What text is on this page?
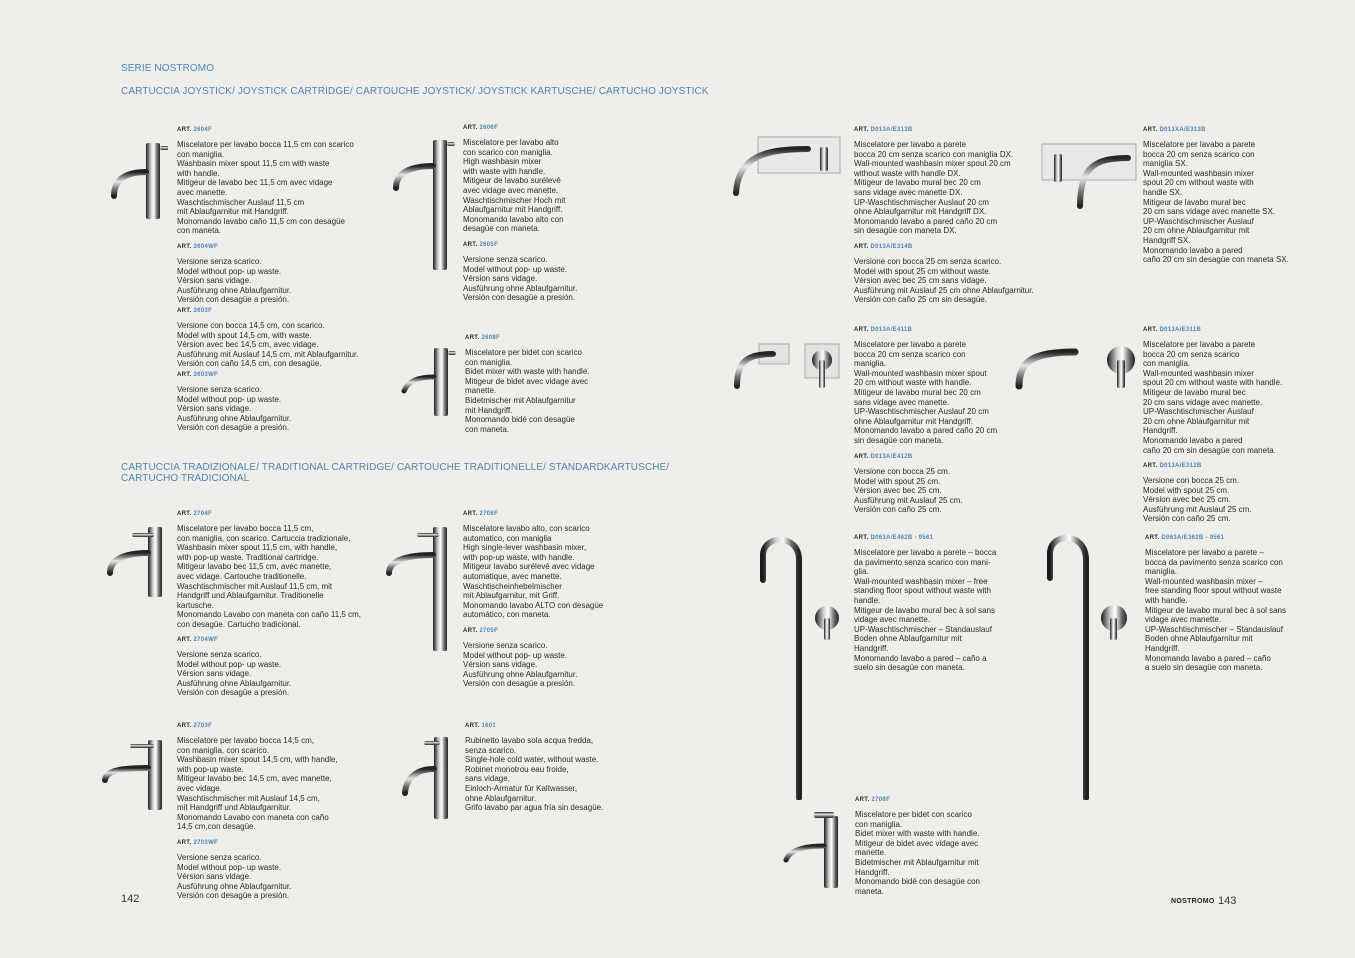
SERIE NOSTROMO
CARTUCCIA JOYSTICK/ JOYSTICK CARTRIDGE/ CARTOUCHE JOYSTICK/ JOYSTICK KARTUSCHE/ CARTUCHO JOYSTICK
CARTUCCIA TRADIZIONALE/ TRADITIONAL CARTRIDGE/ CARTOUCHE TRADITIONELLE/ STANDARDKARTUSCHE/
CARTUCHO TRADICIONAL
ART. 2604F
Miscelatore per lavabo bocca 11,5 cm con scarico
con maniglia.
Washbasin mixer spout 11,5 cm with waste
with handle.
Mitigeur de lavabo bec 11,5 cm avec vidage
avec manette.
Waschtischmischer Auslauf 11,5 cm
mit Ablaufgarnitur mit Handgriff.
Monomando lavabo caño 11,5 cm con desagüe
con maneta.
ART. 2604WF
Versione senza scarico.
Model without pop- up waste.
Vérsion sans vidage.
Ausführung ohne Ablaufgarnitur.
Versión con desagüe a presión.
ART. 2603F
Versione con bocca 14,5 cm, con scarico.
Model with spout 14,5 cm, with waste.
Vérsion avec bec 14,5 cm, avec vidage.
Ausführung mit Auslauf 14,5 cm, mit Ablaufgarnitur.
Versión con caño 14,5 cm, con desagüe.
ART. 2603WF
Versione senza scarico.
Model without pop- up waste.
Vérsion sans vidage.
Ausführung ohne Ablaufgarnitur.
Versión con desagüe a presión.
ART. 2606F
Miscelatore per lavabo alto
con scarico con maniglia.
High washbasin mixer
with waste with handle.
Mitigeur de lavabo surélevé
avec vidage avec manette.
Waschtischmischer Hoch mit
Ablaufgarnitur mit Handgriff.
Monomando lavabo alto con
desagüe con maneta.
ART. 2605F
Versione senza scarico.
Model without pop- up waste.
Vérsion sans vidage.
Ausführung ohne Ablaufgarnitur.
Versión con desagüe a presión.
ART. 2608F
Miscelatore per bidet con scarico
con maniglia.
Bidet mixer with waste with handle.
Mitigeur de bidet avec vidage avec
manette.
Bidetmischer mit Ablaufgarnitur
mit Handgriff.
Monomando bidé con desagüe
con maneta.
ART. 2704F
Miscelatore per lavabo bocca 11,5 cm,
con maniglia, con scarico. Cartuccia tradizionale.
Washbasin mixer spout 11,5 cm, with handle,
with pop-up waste. Traditional cartridge.
Mitigeur lavabo bec 11,5 cm, avec manette,
avec vidage. Cartouche traditionelle.
Waschtischmischer mit Auslauf 11,5 cm, mit
Handgriff und Ablaufgarnitur. Traditionelle
kartusche.
Monomando Lavabo con maneta con caño 11,5 cm,
con desagüe. Cartucho tradicional.
ART. 2704WF
Versione senza scarico.
Model without pop- up waste.
Vérsion sans vidage.
Ausführung ohne Ablaufgarnitur.
Versión con desagüe a presión.
ART. 2706F
Miscelatore lavabo alto, con scarico
automatico, con maniglia
High single-lever washbasin mixer,
with pop-up waste, with handle.
Mitigeur lavabo surélevé avec vidage
automatique, avec manette.
Waschtischeinhebelmischer
mit Ablaufgarnitur, mit Griff.
Monomando lavabo ALTO con desagüe
automático, con maneta.
ART. 2705F
Versione senza scarico.
Model without pop- up waste.
Vérsion sans vidage.
Ausführung ohne Ablaufgarnitur.
Versión con desagüe a presión.
ART. 2703F
Miscelatore per lavabo bocca 14,5 cm,
con maniglia, con scarico.
Washbasin mixer spout 14,5 cm, with handle,
with pop-up waste.
Mitigeur lavabo bec 14,5 cm, avec manette,
avec vidage.
Waschtischmischer mit Auslauf 14,5 cm,
mit Handgriff und Ablaufgarnitur.
Monomando Lavabo con maneta con caño
14,5 cm,con desagüe.
ART. 2703WF
Versione senza scarico.
Model without pop- up waste.
Vérsion sans vidage.
Ausführung ohne Ablaufgarnitur.
Versión con desagüe a presión.
ART. 1601
Rubinetto lavabo sola acqua fredda,
senza scarico.
Single-hole cold water, without waste.
Robinet monotrou eau froide,
sans vidage.
Einloch-Armatur für Kaltwasser,
ohne Ablaufgarnitur.
Grifo lavabo par agua fría sin desagüe.
ART. D013A/E313B
Miscelatore per lavabo a parete
bocca 20 cm senza scarico con maniglia DX.
Wall-mounted washbasin mixer spout 20 cm
without waste with handle DX.
Mitigeur de lavabo mural bec 20 cm
sans vidage avec manette DX.
UP-Waschtischmischer Auslauf 20 cm
ohne Ablaufgarnitur mit Handgriff DX.
Monomando lavabo a pared caño 20 cm
sin desagüe con maneta DX.
ART. D013A/E314B
Versione con bocca 25 cm senza scarico.
Model with spout 25 cm without waste.
Vérsion avec bec 25 cm sans vidage.
Ausführung mit Auslauf 25 cm ohne Ablaufgarnitur.
Versión con caño 25 cm sin desagüe.
ART. D013XA/E313B
Miscelatore per lavabo a parete
bocca 20 cm senza scarico con
maniglia SX.
Wall-mounted washbasin mixer
spout 20 cm without waste with
handle SX.
Mitigeur de lavabo mural bec
20 cm sans vidage avec manette SX.
UP-Waschtischmischer Auslauf
20 cm ohne Ablaufgarnitur mit
Handgriff SX.
Monomando lavabo a pared
caño 20 cm sin desagüe con maneta SX.
ART. D013A/E411B
Miscelatore per lavabo a parete
bocca 20 cm senza scarico con
maniglia.
Wall-mounted washbasin mixer spout
20 cm without waste with handle.
Mitigeur de lavabo mural bec 20 cm
sans vidage avec manette.
UP-Waschtischmischer Auslauf 20 cm
ohne Ablaufgarnitur mit Handgriff.
Monomando lavabo a pared caño 20 cm
sin desagüe con maneta.
ART. D013A/E412B
Versione con bocca 25 cm.
Model with spout 25 cm.
Vérsion avec bec 25 cm.
Ausführung mit Auslauf 25 cm.
Versión con caño 25 cm.
ART. D013A/E311B
Miscelatore per lavabo a parete
bocca 20 cm senza scarico
con maniglia.
Wall-mounted washbasin mixer
spout 20 cm without waste with handle.
Mitigeur de lavabo mural bec
20 cm sans vidage avec manette.
UP-Waschtischmischer Auslauf
20 cm ohne Ablaufgarnitur mit
Handgriff.
Monomando lavabo a pared
caño 20 cm sin desagüe con maneta.
ART. D013A/E312B
Versione con bocca 25 cm.
Model with spout 25 cm.
Vérsion avec bec 25 cm.
Ausführung mit Auslauf 25 cm.
Versión con caño 25 cm.
ART. D063A/E462B - 9561
Miscelatore per lavabo a parete – bocca
da pavimento senza scarico con mani-
glia.
Wall-mounted washbasin mixer – free
standing floor spout without waste with
handle.
Mitigeur de lavabo mural bec à sol sans
vidage avec manette.
UP-Waschtischmischer – Standauslauf
Boden ohne Ablaufgarnitur mit
Handgriff.
Monomando lavabo a pared – caño a
suelo sin desagüe con maneta.
ART. D063A/E362B - 9561
Miscelatore per lavabo a parete –
bocca da pavimento senza scarico con
maniglia.
Wall-mounted washbasin mixer –
free standing floor spout without waste
with handle.
Mitigeur de lavabo mural bec à sol sans
vidage avec manette.
UP-Waschtischmischer – Standauslauf
Boden ohne Ablaufgarnitur mit
Handgriff.
Monomando lavabo a pared – caño
a suelo sin desagüe con maneta.
ART. 2708F
Miscelatore per bidet con scarico
con maniglia.
Bidet mixer with waste with handle.
Mitigeur de bidet avec vidage avec
manette.
Bidetmischer mit Ablaufgarnitur mit
Handgriff.
Monomando bidé con desagüe con
maneta.
142	NOSTROMO 143
